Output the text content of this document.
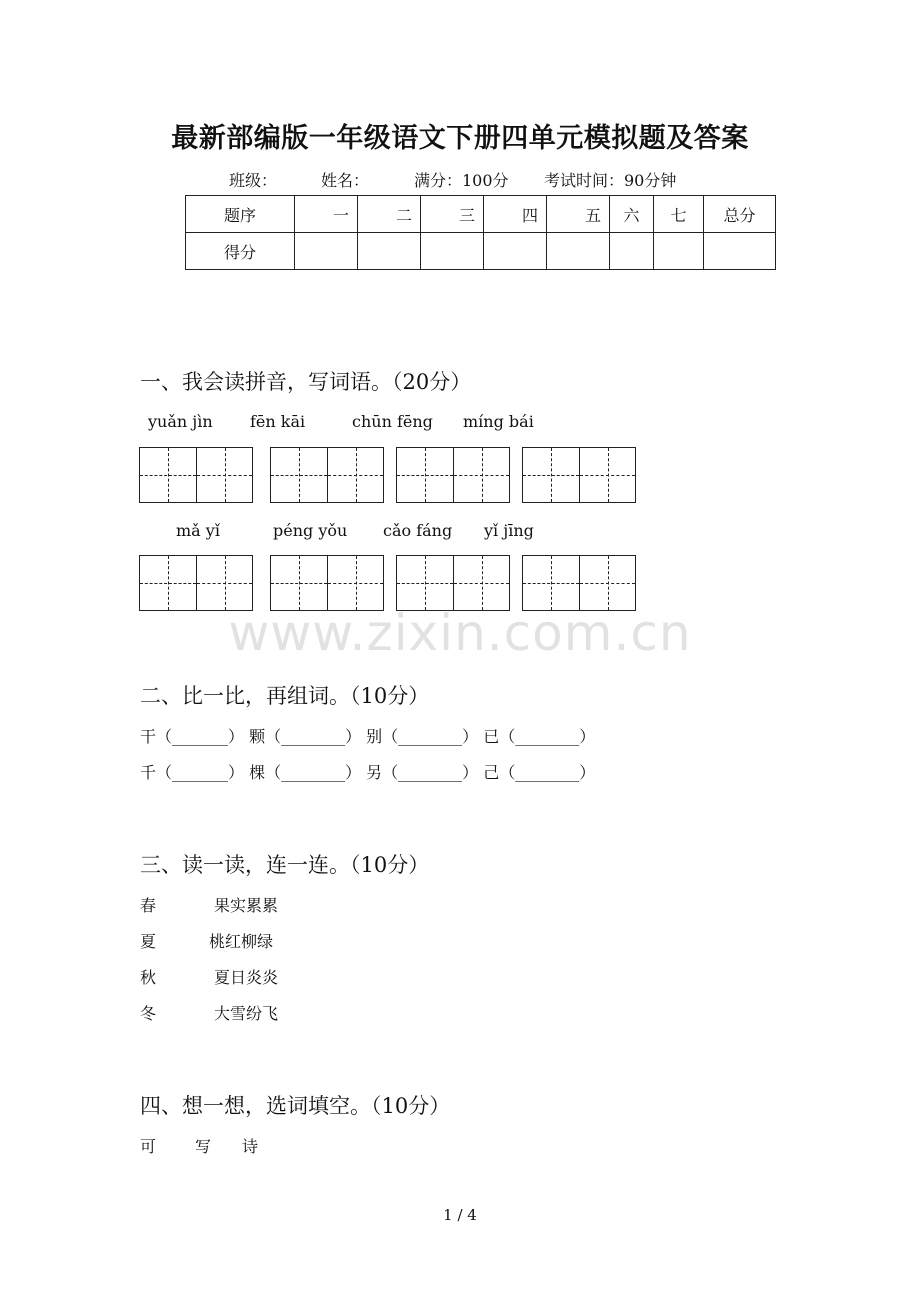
最新部编版一年级语文下册四单元模拟题及答案
班级：	姓名：	满分：100分 考试时间：90分钟
题序	一	二	三	四	五	六	七	总分
得分								
一、我会读拼音，写词语。（20分）
yuǎn jìn fēn kāi	chūn fēng míng bái
mǎ yǐ	péng yǒu cǎo fáng yǐ jīng
www.zixin.com.cn
二、比一比，再组词。（10分）
干（_______） 颗（________） 别（________） 已（________）
千（_______） 棵（________） 另（________） 己（________）
三、读一读，连一连。（10分）
春	果实累累
夏	桃红柳绿
秋	夏日炎炎
冬	大雪纷飞
四、想一想，选词填空。（10分）
可 写 诗
1 / 4
